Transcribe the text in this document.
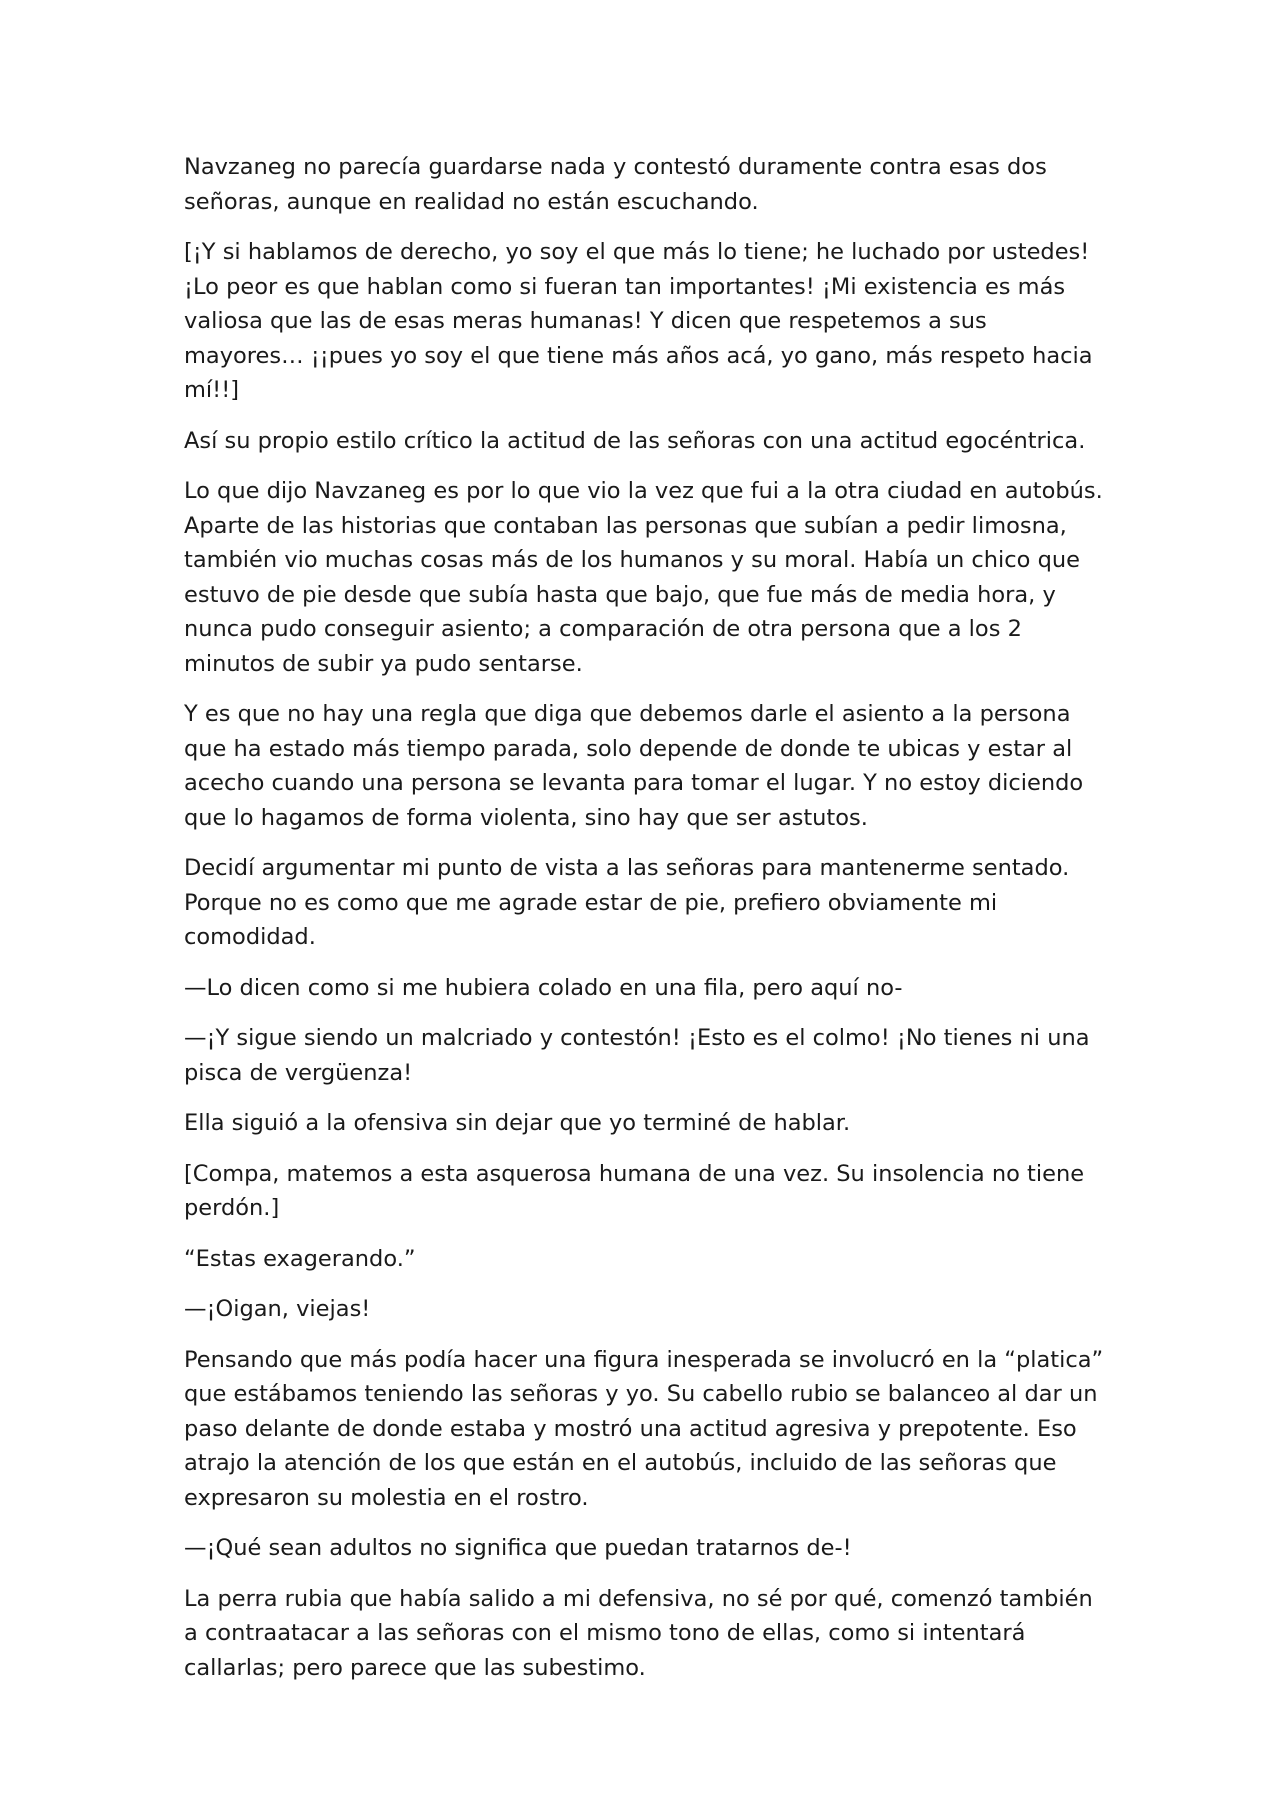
Navzaneg no parecía guardarse nada y contestó duramente contra esas dos señoras, aunque en realidad no están escuchando.

[¡Y si hablamos de derecho, yo soy el que más lo tiene; he luchado por ustedes! ¡Lo peor es que hablan como si fueran tan importantes! ¡Mi existencia es más valiosa que las de esas meras humanas! Y dicen que respetemos a sus mayores… ¡¡pues yo soy el que tiene más años acá, yo gano, más respeto hacia mí!!]

Así su propio estilo crítico la actitud de las señoras con una actitud egocéntrica.

Lo que dijo Navzaneg es por lo que vio la vez que fui a la otra ciudad en autobús. Aparte de las historias que contaban las personas que subían a pedir limosna, también vio muchas cosas más de los humanos y su moral. Había un chico que estuvo de pie desde que subía hasta que bajo, que fue más de media hora, y nunca pudo conseguir asiento; a comparación de otra persona que a los 2 minutos de subir ya pudo sentarse.

Y es que no hay una regla que diga que debemos darle el asiento a la persona que ha estado más tiempo parada, solo depende de donde te ubicas y estar al acecho cuando una persona se levanta para tomar el lugar. Y no estoy diciendo que lo hagamos de forma violenta, sino hay que ser astutos.

Decidí argumentar mi punto de vista a las señoras para mantenerme sentado. Porque no es como que me agrade estar de pie, prefiero obviamente mi comodidad.

—Lo dicen como si me hubiera colado en una fila, pero aquí no-

—¡Y sigue siendo un malcriado y contestón! ¡Esto es el colmo! ¡No tienes ni una pisca de vergüenza!

Ella siguió a la ofensiva sin dejar que yo terminé de hablar.

[Compa, matemos a esta asquerosa humana de una vez. Su insolencia no tiene perdón.]

“Estas exagerando.”

—¡Oigan, viejas!

Pensando que más podía hacer una figura inesperada se involucró en la “platica” que estábamos teniendo las señoras y yo. Su cabello rubio se balanceo al dar un paso delante de donde estaba y mostró una actitud agresiva y prepotente. Eso atrajo la atención de los que están en el autobús, incluido de las señoras que expresaron su molestia en el rostro.

—¡Qué sean adultos no significa que puedan tratarnos de-!

La perra rubia que había salido a mi defensiva, no sé por qué, comenzó también a contraatacar a las señoras con el mismo tono de ellas, como si intentará callarlas; pero parece que las subestimo.
